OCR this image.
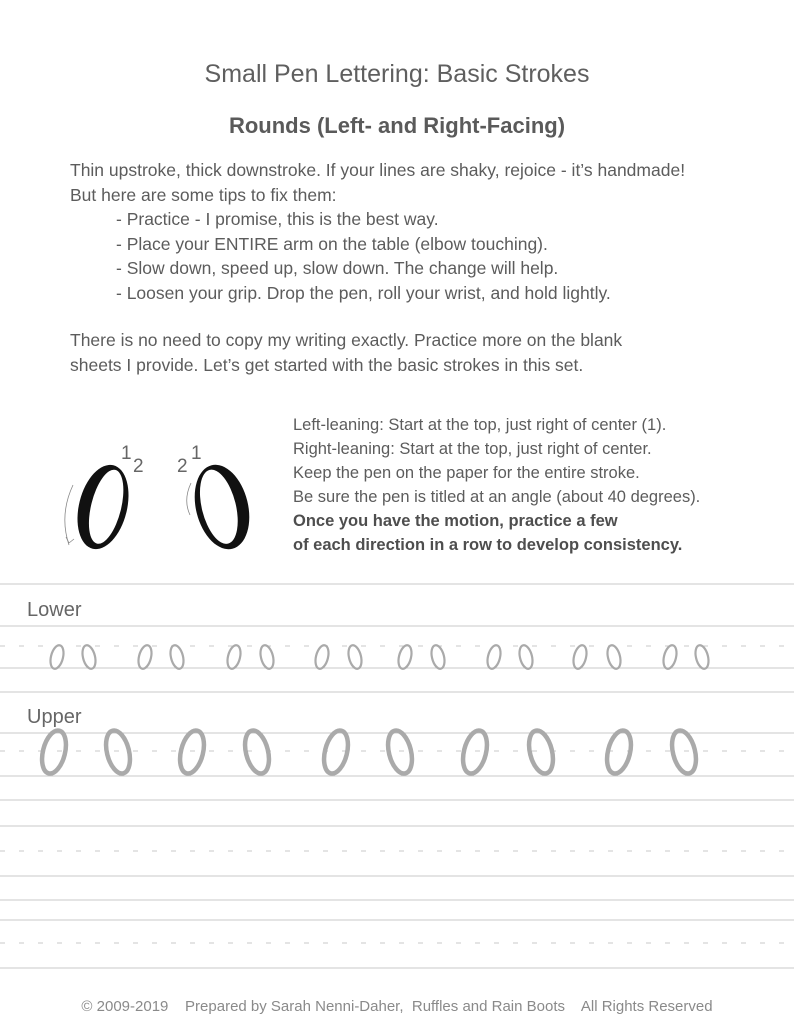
Small Pen Lettering: Basic Strokes
Rounds (Left- and Right-Facing)

Thin upstroke, thick downstroke. If your lines are shaky, rejoice - it’s handmade!

But here are some tips to fix them:

- Practice - I promise, this is the best way.
- Place your ENTIRE arm on the table (elbow touching).
- Slow down, speed up, slow down. The change will help.
- Loosen your grip. Drop the pen, roll your wrist, and hold lightly.
There is no need to copy my writing exactly. Practice more on the blank
sheets I provide. Let’s get started with the basic strokes in this set.
1
2 2
1
Left-leaning: Start at the top, just right of center (1).
Right-leaning: Start at the top, just right of center.
Keep the pen on the paper for the entire stroke.
Be sure the pen is titled at an angle (about 40 degrees).
Once you have the motion, practice a few
of each direction in a row to develop consistency.
Lower
Upper
© 2009-2019 Prepared by Sarah Nenni-Daher, Ruffles and Rain Boots All Rights Reserved
